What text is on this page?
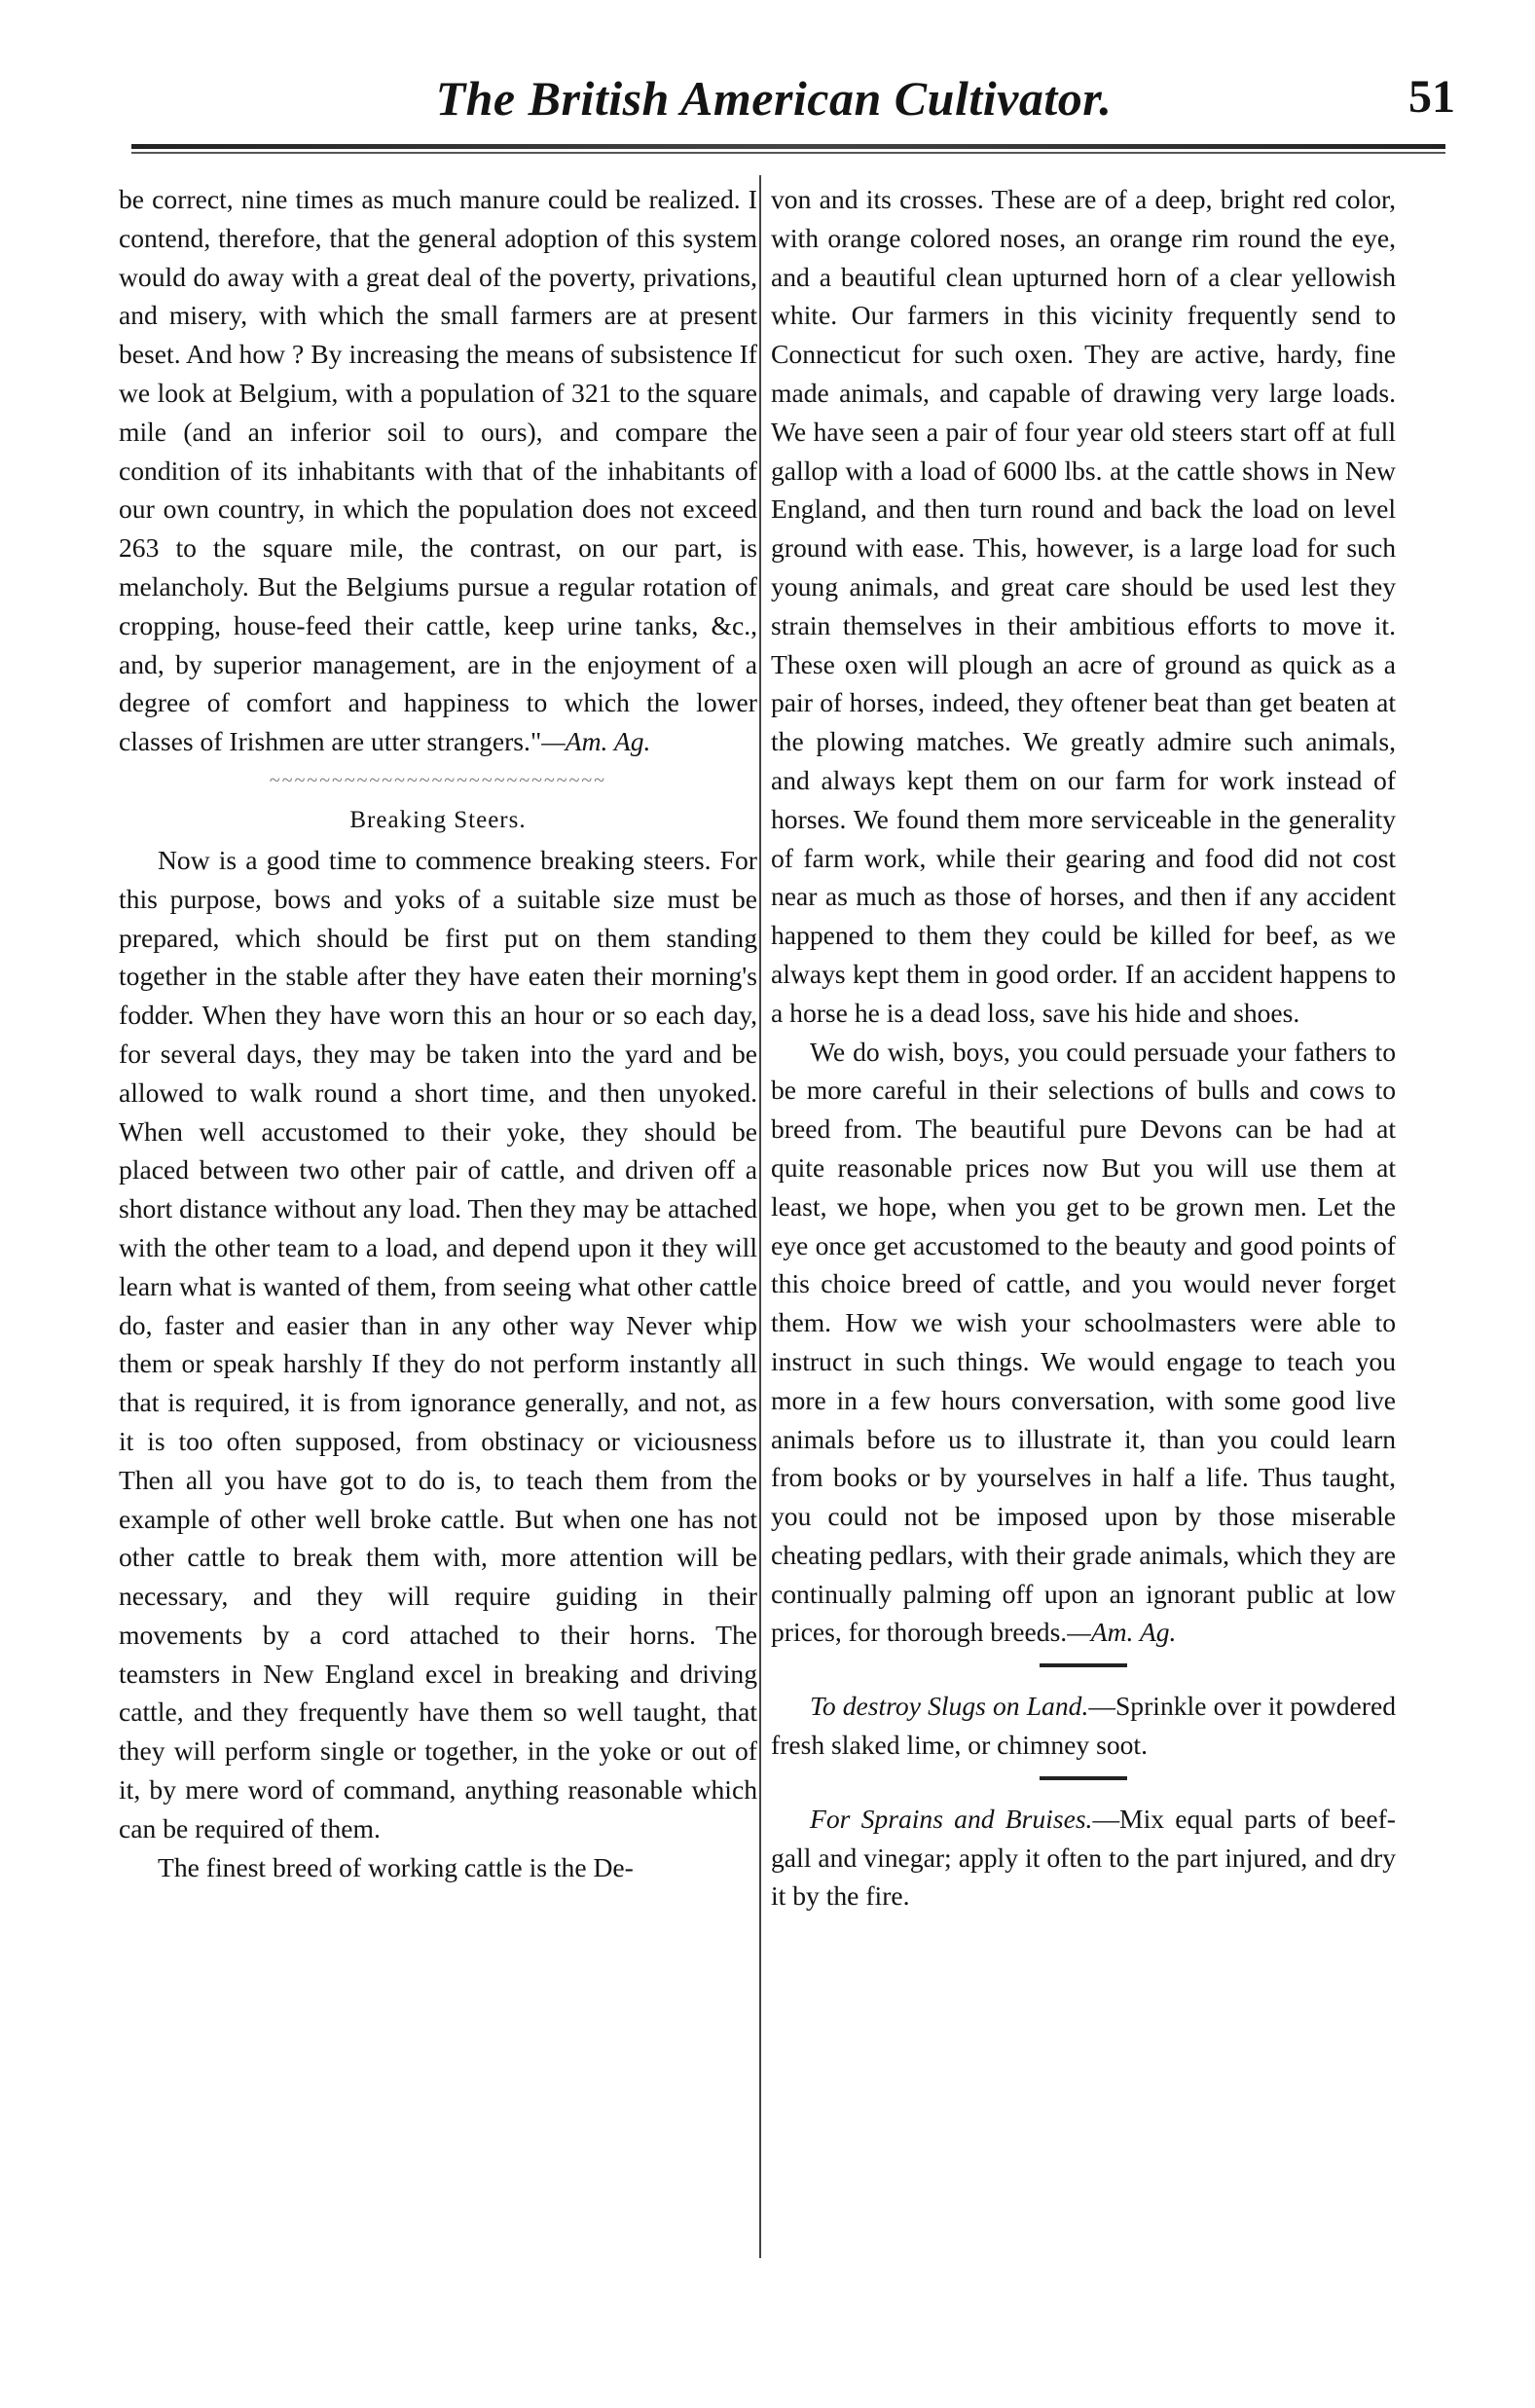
The British American Cultivator.	51

be correct, nine times as much manure could be realized. I contend, therefore, that the general adoption of this system would do away with a great deal of the poverty, privations, and misery, with which the small farmers are at present beset. And how ? By increasing the means of subsistence If we look at Belgium, with a population of 321 to the square mile (and an inferior soil to ours), and compare the condition of its inhabitants with that of the inhabitants of our own country, in which the population does not exceed 263 to the square mile, the contrast, on our part, is melancholy. But the Belgiums pursue a regular rotation of cropping, house-feed their cattle, keep urine tanks, &c., and, by superior management, are in the enjoyment of a degree of comfort and happiness to which the lower classes of Irishmen are utter strangers."—Am. Ag.

~~~~~~~~~~~~~~~~~~~~~~~~~~~
Breaking Steers.

Now is a good time to commence breaking steers. For this purpose, bows and yoks of a suitable size must be prepared, which should be first put on them standing together in the stable after they have eaten their morning's fodder. When they have worn this an hour or so each day, for several days, they may be taken into the yard and be allowed to walk round a short time, and then unyoked. When well accustomed to their yoke, they should be placed between two other pair of cattle, and driven off a short distance without any load. Then they may be attached with the other team to a load, and depend upon it they will learn what is wanted of them, from seeing what other cattle do, faster and easier than in any other way Never whip them or speak harshly If they do not perform instantly all that is required, it is from ignorance generally, and not, as it is too often supposed, from obstinacy or viciousness Then all you have got to do is, to teach them from the example of other well broke cattle. But when one has not other cattle to break them with, more attention will be necessary, and they will require guiding in their movements by a cord attached to their horns. The teamsters in New England excel in breaking and driving cattle, and they frequently have them so well taught, that they will perform single or together, in the yoke or out of it, by mere word of command, anything reasonable which can be required of them.

The finest breed of working cattle is the De-

von and its crosses. These are of a deep, bright red color, with orange colored noses, an orange rim round the eye, and a beautiful clean upturned horn of a clear yellowish white. Our farmers in this vicinity frequently send to Connecticut for such oxen. They are active, hardy, fine made animals, and capable of drawing very large loads. We have seen a pair of four year old steers start off at full gallop with a load of 6000 lbs. at the cattle shows in New England, and then turn round and back the load on level ground with ease. This, however, is a large load for such young animals, and great care should be used lest they strain themselves in their ambitious efforts to move it. These oxen will plough an acre of ground as quick as a pair of horses, indeed, they oftener beat than get beaten at the plowing matches. We greatly admire such animals, and always kept them on our farm for work instead of horses. We found them more serviceable in the generality of farm work, while their gearing and food did not cost near as much as those of horses, and then if any accident happened to them they could be killed for beef, as we always kept them in good order. If an accident happens to a horse he is a dead loss, save his hide and shoes.

We do wish, boys, you could persuade your fathers to be more careful in their selections of bulls and cows to breed from. The beautiful pure Devons can be had at quite reasonable prices now But you will use them at least, we hope, when you get to be grown men. Let the eye once get accustomed to the beauty and good points of this choice breed of cattle, and you would never forget them. How we wish your schoolmasters were able to instruct in such things. We would engage to teach you more in a few hours conversation, with some good live animals before us to illustrate it, than you could learn from books or by yourselves in half a life. Thus taught, you could not be imposed upon by those miserable cheating pedlars, with their grade animals, which they are continually palming off upon an ignorant public at low prices, for thorough breeds.—Am. Ag.

To destroy Slugs on Land.—Sprinkle over it powdered fresh slaked lime, or chimney soot.

For Sprains and Bruises.—Mix equal parts of beef-gall and vinegar; apply it often to the part injured, and dry it by the fire.
